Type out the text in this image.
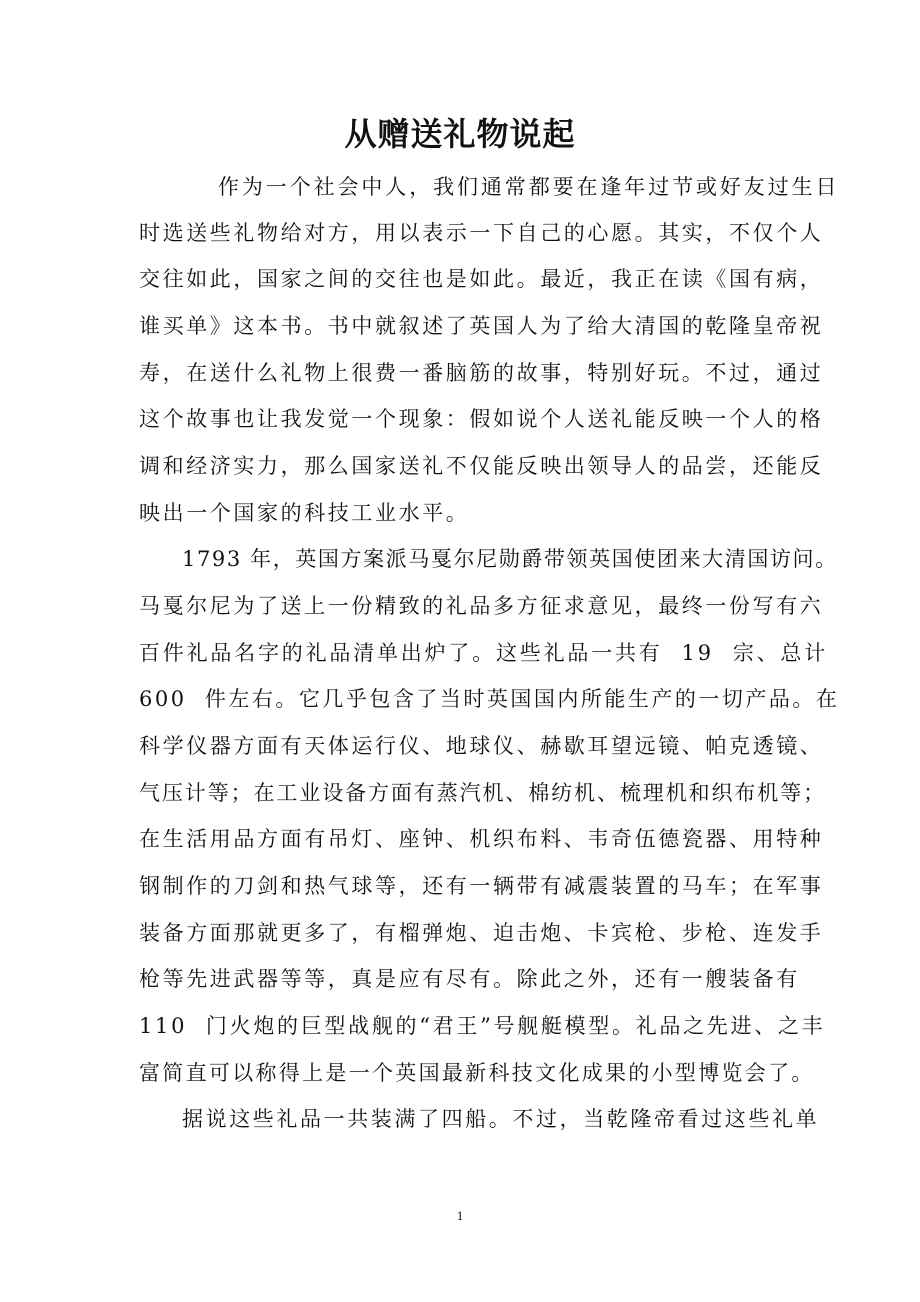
从赠送礼物说起
作为一个社会中人，我们通常都要在逢年过节或好友过生日
时选送些礼物给对方，用以表示一下自己的心愿。其实，不仅个人
交往如此，国家之间的交往也是如此。最近，我正在读《国有病，
谁买单》这本书。书中就叙述了英国人为了给大清国的乾隆皇帝祝
寿，在送什么礼物上很费一番脑筋的故事，特别好玩。不过，通过
这个故事也让我发觉一个现象：假如说个人送礼能反映一个人的格
调和经济实力，那么国家送礼不仅能反映出领导人的品尝，还能反
映出一个国家的科技工业水平。
1793 年，英国方案派马戛尔尼勋爵带领英国使团来大清国访问。
马戛尔尼为了送上一份精致的礼品多方征求意见，最终一份写有六
百件礼品名字的礼品清单出炉了。这些礼品一共有  19  宗、总计
600  件左右。它几乎包含了当时英国国内所能生产的一切产品。在
科学仪器方面有天体运行仪、地球仪、赫歇耳望远镜、帕克透镜、
气压计等；在工业设备方面有蒸汽机、棉纺机、梳理机和织布机等；
在生活用品方面有吊灯、座钟、机织布料、韦奇伍德瓷器、用特种
钢制作的刀剑和热气球等，还有一辆带有减震装置的马车；在军事
装备方面那就更多了，有榴弹炮、迫击炮、卡宾枪、步枪、连发手
枪等先进武器等等，真是应有尽有。除此之外，还有一艘装备有
110  门火炮的巨型战舰的“君王”号舰艇模型。礼品之先进、之丰
富简直可以称得上是一个英国最新科技文化成果的小型博览会了。
据说这些礼品一共装满了四船。不过，当乾隆帝看过这些礼单
1
